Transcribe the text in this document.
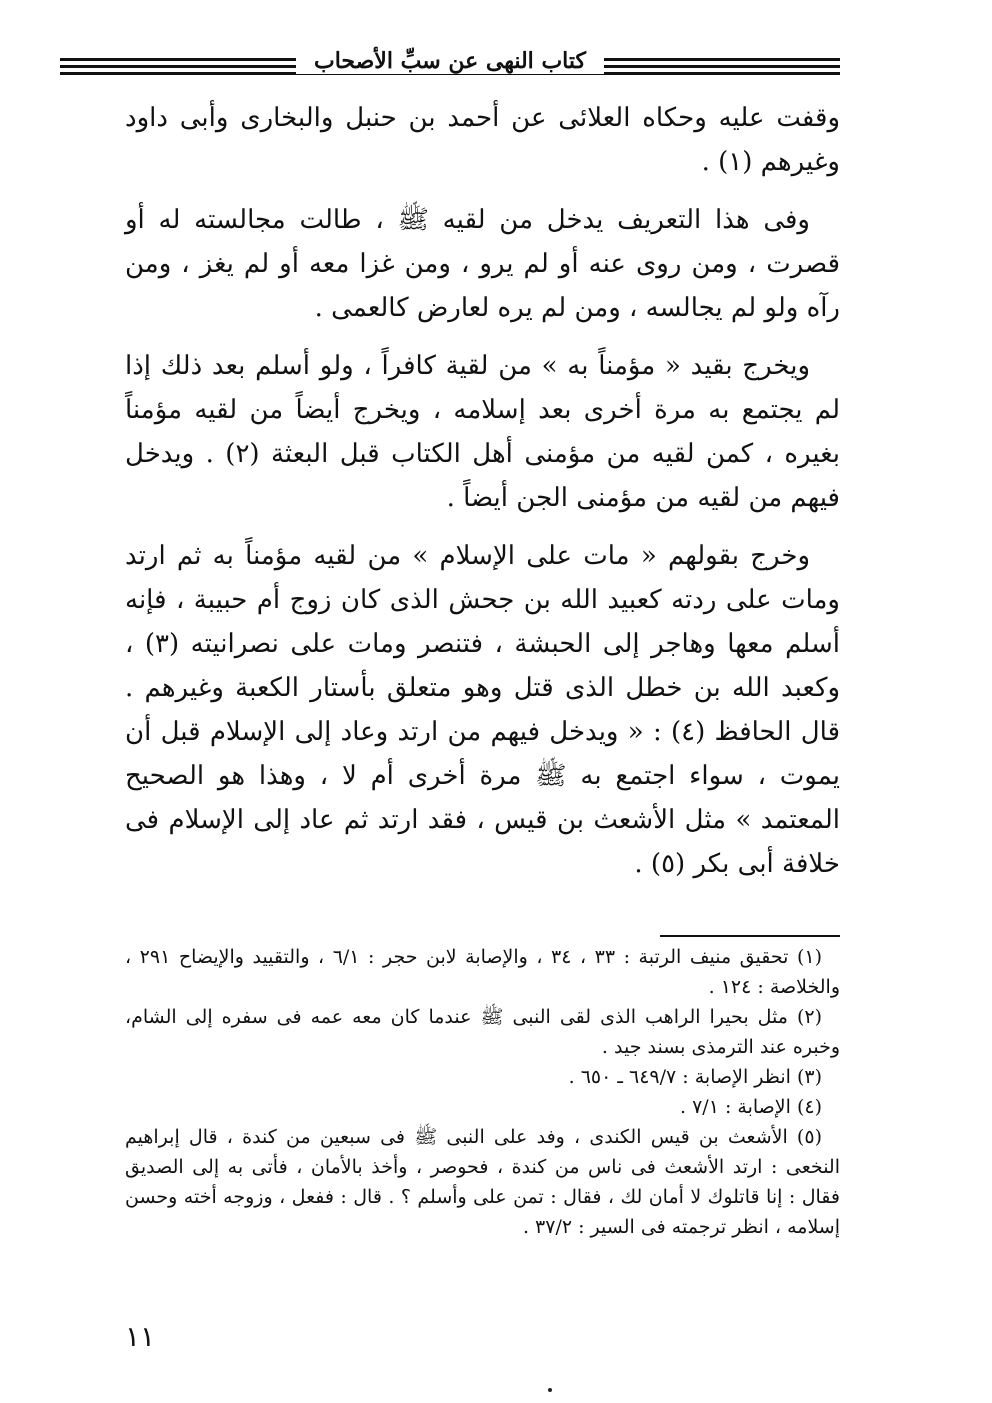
كتاب النهى عن سبِّ الأصحاب

وقفت عليه وحكاه العلائى عن أحمد بن حنبل والبخارى وأبى داود وغيرهم (١) .

وفى هذا التعريف يدخل من لقيه ﷺ ، طالت مجالسته له أو قصرت ، ومن روى عنه أو لم يرو ، ومن غزا معه أو لم يغز ، ومن رآه ولو لم يجالسه ، ومن لم يره لعارض كالعمى .

ويخرج بقيد « مؤمناً به » من لقية كافراً ، ولو أسلم بعد ذلك إذا لم يجتمع به مرة أخرى بعد إسلامه ، ويخرج أيضاً من لقيه مؤمناً بغيره ، كمن لقيه من مؤمنى أهل الكتاب قبل البعثة (٢) . ويدخل فيهم من لقيه من مؤمنى الجن أيضاً .

وخرج بقولهم « مات على الإسلام » من لقيه مؤمناً به ثم ارتد ومات على ردته كعبيد الله بن جحش الذى كان زوج أم حبيبة ، فإنه أسلم معها وهاجر إلى الحبشة ، فتنصر ومات على نصرانيته (٣) ، وكعبد الله بن خطل الذى قتل وهو متعلق بأستار الكعبة وغيرهم . قال الحافظ (٤) : « ويدخل فيهم من ارتد وعاد إلى الإسلام قبل أن يموت ، سواء اجتمع به ﷺ مرة أخرى أم لا ، وهذا هو الصحيح المعتمد » مثل الأشعث بن قيس ، فقد ارتد ثم عاد إلى الإسلام فى خلافة أبى بكر (٥) .

(١) تحقيق منيف الرتبة : ٣٣ ، ٣٤ ، والإصابة لابن حجر : ٦/١ ، والتقييد والإيضاح ٢٩١ ، والخلاصة : ١٢٤ .

(٢) مثل بحيرا الراهب الذى لقى النبى ﷺ عندما كان معه عمه فى سفره إلى الشام، وخبره عند الترمذى بسند جيد .

(٣) انظر الإصابة : ٦٤٩/٧ ـ ٦٥٠ .

(٤) الإصابة : ٧/١ .

(٥) الأشعث بن قيس الكندى ، وفد على النبى ﷺ فى سبعين من كندة ، قال إبراهيم النخعى : ارتد الأشعث فى ناس من كندة ، فحوصر ، وأخذ بالأمان ، فأتى به إلى الصديق فقال : إنا قاتلوك لا أمان لك ، فقال : تمن على وأسلم ؟ . قال : ففعل ، وزوجه أخته وحسن إسلامه ، انظر ترجمته فى السير : ٣٧/٢ .

١١
